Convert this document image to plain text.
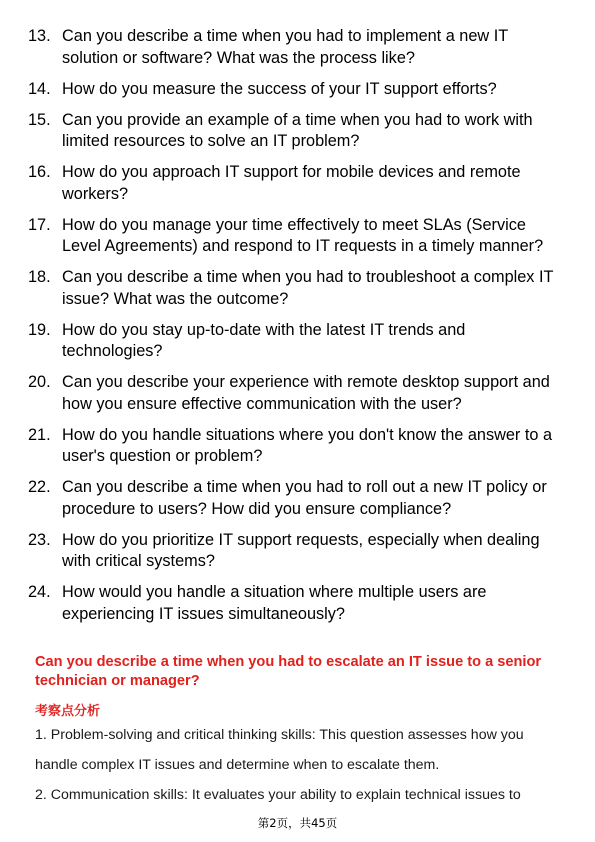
13. Can you describe a time when you had to implement a new IT solution or software? What was the process like?
14. How do you measure the success of your IT support efforts?
15. Can you provide an example of a time when you had to work with limited resources to solve an IT problem?
16. How do you approach IT support for mobile devices and remote workers?
17. How do you manage your time effectively to meet SLAs (Service Level Agreements) and respond to IT requests in a timely manner?
18. Can you describe a time when you had to troubleshoot a complex IT issue? What was the outcome?
19. How do you stay up-to-date with the latest IT trends and technologies?
20. Can you describe your experience with remote desktop support and how you ensure effective communication with the user?
21. How do you handle situations where you don't know the answer to a user's question or problem?
22. Can you describe a time when you had to roll out a new IT policy or procedure to users? How did you ensure compliance?
23. How do you prioritize IT support requests, especially when dealing with critical systems?
24. How would you handle a situation where multiple users are experiencing IT issues simultaneously?

Can you describe a time when you had to escalate an IT issue to a senior technician or manager?

考察点分析

1. Problem-solving and critical thinking skills: This question assesses how you

handle complex IT issues and determine when to escalate them.

2. Communication skills: It evaluates your ability to explain technical issues to

第2页，共45页
